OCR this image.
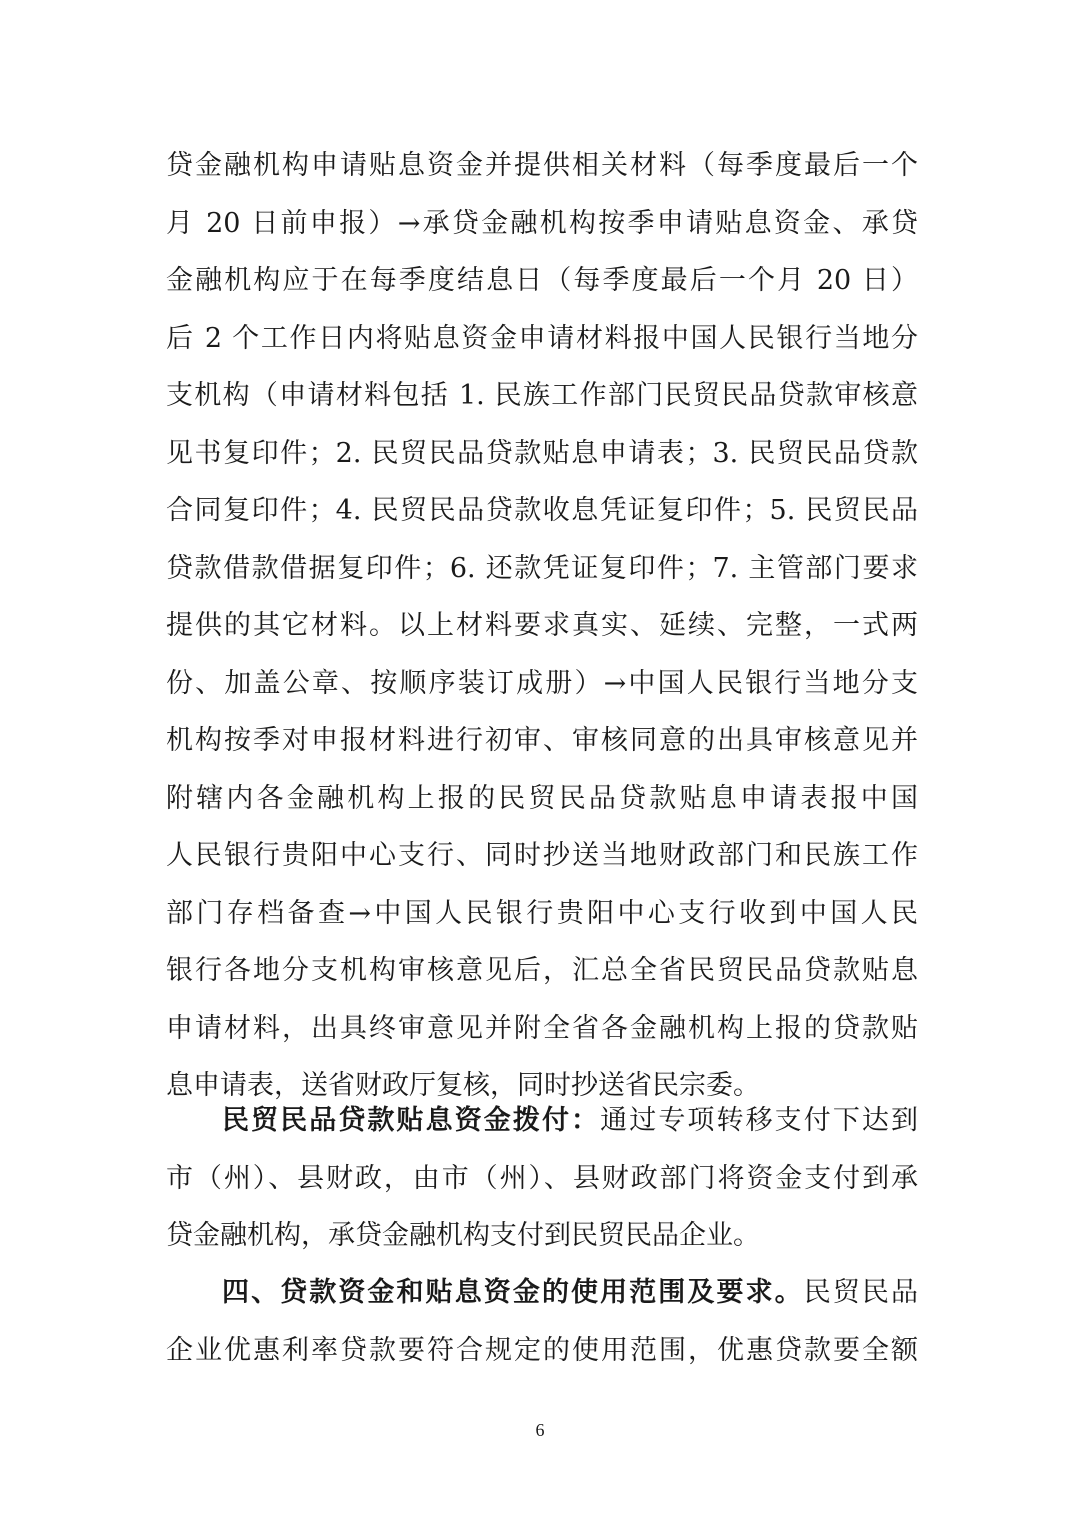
贷金融机构申请贴息资金并提供相关材料（每季度最后一个
月 20 日前申报）→承贷金融机构按季申请贴息资金、承贷
金融机构应于在每季度结息日（每季度最后一个月 20 日）
后 2 个工作日内将贴息资金申请材料报中国人民银行当地分
支机构（申请材料包括 1. 民族工作部门民贸民品贷款审核意
见书复印件；2. 民贸民品贷款贴息申请表；3. 民贸民品贷款
合同复印件；4. 民贸民品贷款收息凭证复印件；5. 民贸民品
贷款借款借据复印件；6. 还款凭证复印件；7. 主管部门要求
提供的其它材料。以上材料要求真实、延续、完整，一式两
份、加盖公章、按顺序装订成册）→中国人民银行当地分支
机构按季对申报材料进行初审、审核同意的出具审核意见并
附辖内各金融机构上报的民贸民品贷款贴息申请表报中国
人民银行贵阳中心支行、同时抄送当地财政部门和民族工作
部门存档备查→中国人民银行贵阳中心支行收到中国人民
银行各地分支机构审核意见后，汇总全省民贸民品贷款贴息
申请材料，出具终审意见并附全省各金融机构上报的贷款贴
息申请表，送省财政厅复核，同时抄送省民宗委。
民贸民品贷款贴息资金拨付：通过专项转移支付下达到
市（州）、县财政，由市（州）、县财政部门将资金支付到承
贷金融机构，承贷金融机构支付到民贸民品企业。
四、贷款资金和贴息资金的使用范围及要求。民贸民品
企业优惠利率贷款要符合规定的使用范围，优惠贷款要全额
6
